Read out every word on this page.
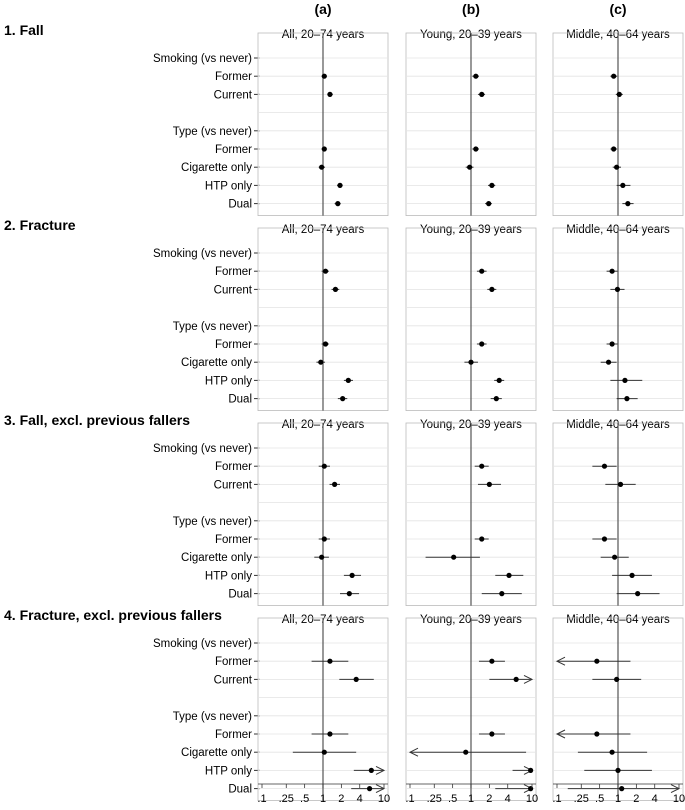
(a)	(b)	(c)
1. Fall
Smoking (vs never)
Former
Current
Type (vs never)
Former
Cigarette only
HTP only
Dual
All, 20–74 years	Young, 20–39 years	Middle, 40–64 years
2. Fracture
Smoking (vs never)
Former
Current
Type (vs never)
Former
Cigarette only
HTP only
Dual
All, 20–74 years	Young, 20–39 years	Middle, 40–64 years
3. Fall, excl. previous fallers
Smoking (vs never)
Former
Current
Type (vs never)
Former
Cigarette only
HTP only
Dual
All, 20–74 years	Young, 20–39 years	Middle, 40–64 years
4. Fracture, excl. previous fallers
Smoking (vs never)
Former
Current
Type (vs never)
Former
Cigarette only
HTP only
Dual
All, 20–74 years	Young, 20–39 years	Middle, 40–64 years
.1 .25 .5 1 2 4 10 .1 .25 .5 1 2 4 10 .1 .25 .5 1 2 4 10
